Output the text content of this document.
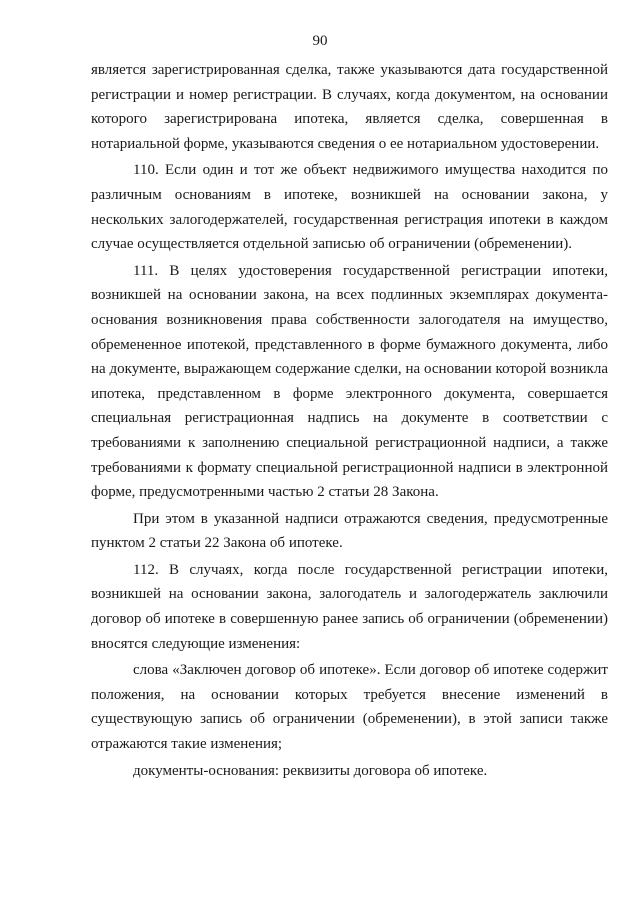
90

является зарегистрированная сделка, также указываются дата государственной регистрации и номер регистрации. В случаях, когда документом, на основании которого зарегистрирована ипотека, является сделка, совершенная в нотариальной форме, указываются сведения о ее нотариальном удостоверении.

110. Если один и тот же объект недвижимого имущества находится по различным основаниям в ипотеке, возникшей на основании закона, у нескольких залогодержателей, государственная регистрация ипотеки в каждом случае осуществляется отдельной записью об ограничении (обременении).

111. В целях удостоверения государственной регистрации ипотеки, возникшей на основании закона, на всех подлинных экземплярах документа-основания возникновения права собственности залогодателя на имущество, обремененное ипотекой, представленного в форме бумажного документа, либо на документе, выражающем содержание сделки, на основании которой возникла ипотека, представленном в форме электронного документа, совершается специальная регистрационная надпись на документе в соответствии с требованиями к заполнению специальной регистрационной надписи, а также требованиями к формату специальной регистрационной надписи в электронной форме, предусмотренными частью 2 статьи 28 Закона.

При этом в указанной надписи отражаются сведения, предусмотренные пунктом 2 статьи 22 Закона об ипотеке.

112. В случаях, когда после государственной регистрации ипотеки, возникшей на основании закона, залогодатель и залогодержатель заключили договор об ипотеке в совершенную ранее запись об ограничении (обременении) вносятся следующие изменения:

слова «Заключен договор об ипотеке». Если договор об ипотеке содержит положения, на основании которых требуется внесение изменений в существующую запись об ограничении (обременении), в этой записи также отражаются такие изменения;

документы-основания: реквизиты договора об ипотеке.
